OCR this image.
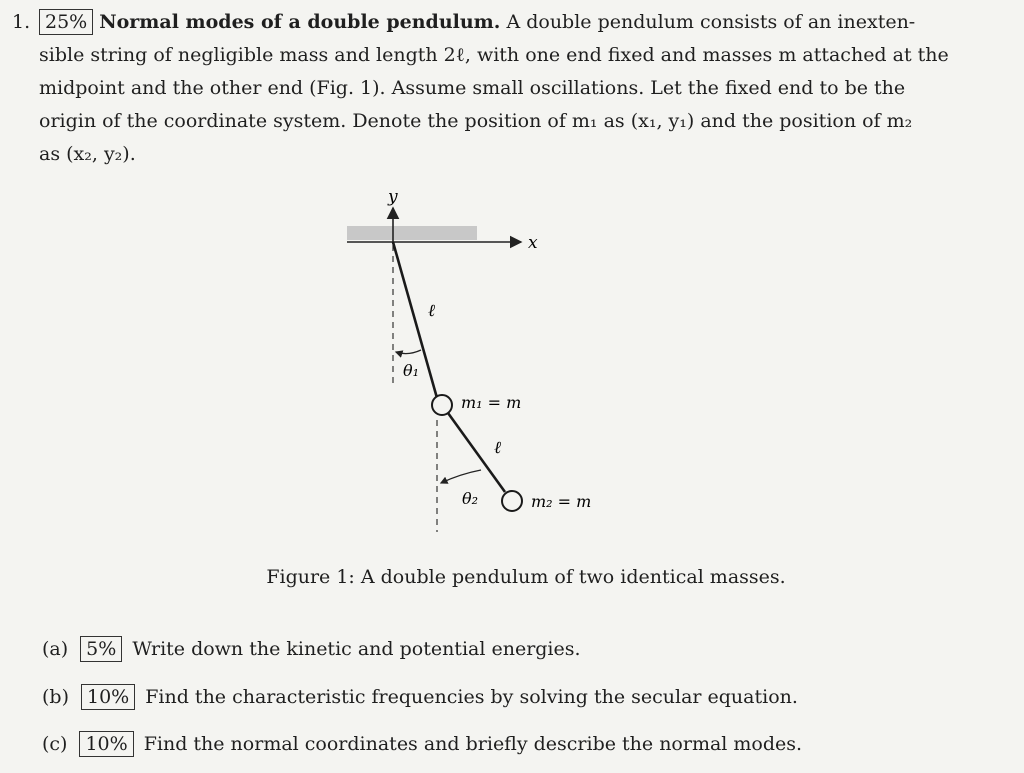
1. 25% Normal modes of a double pendulum. A double pendulum consists of an inexten-
sible string of negligible mass and length 2ℓ, with one end fixed and masses m attached at the
midpoint and the other end (Fig. 1). Assume small oscillations. Let the fixed end to be the
origin of the coordinate system. Denote the position of m₁ as (x₁, y₁) and the position of m₂
as (x₂, y₂).
x
y
ℓ
θ₁
m₁ = m
ℓ
θ₂	m₂ = m
Figure 1: A double pendulum of two identical masses.
(a) 5% Write down the kinetic and potential energies.
(b) 10% Find the characteristic frequencies by solving the secular equation.
(c) 10% Find the normal coordinates and briefly describe the normal modes.
